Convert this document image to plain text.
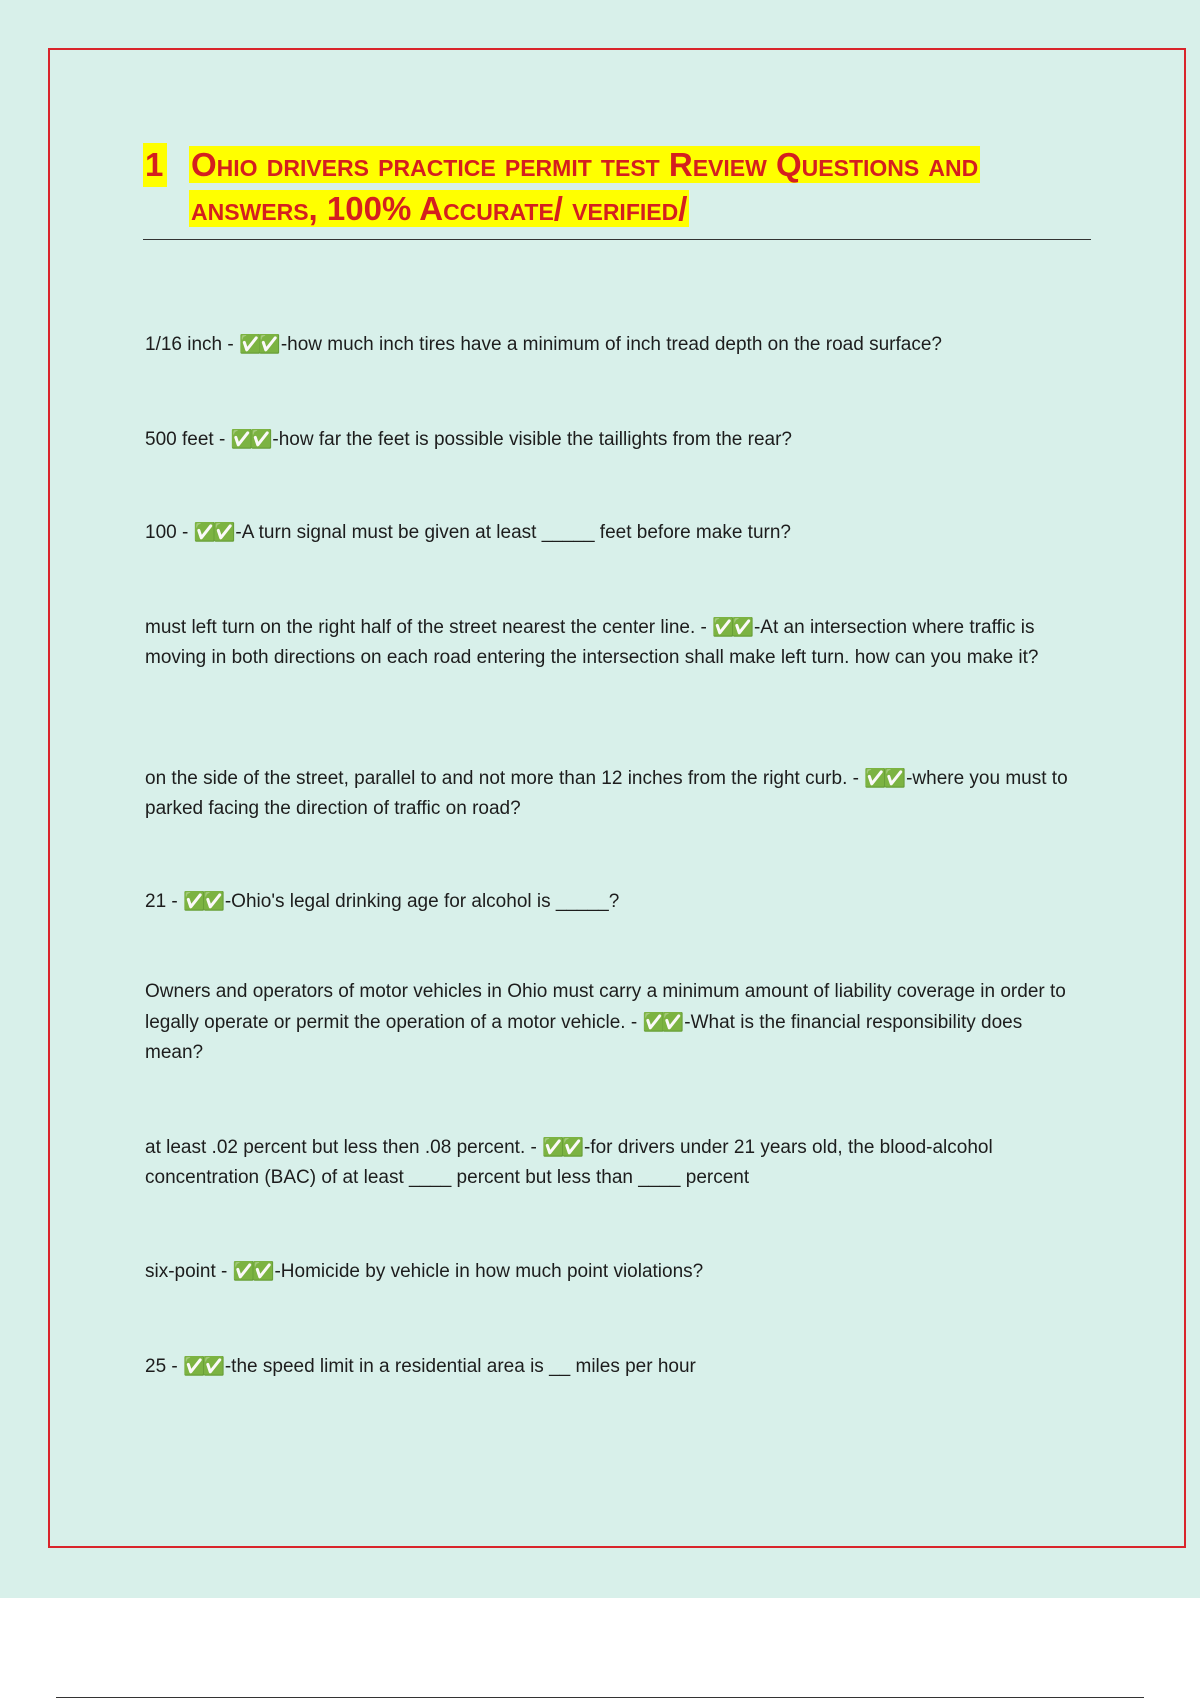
1 Ohio drivers practice permit test Review Questions and answers, 100% Accurate/ verified/
1/16 inch - ✅✅ -how much inch tires have a minimum of inch tread depth on the road surface?
500 feet - ✅✅ -how far the feet is possible visible the taillights from the rear?
100 - ✅✅ -A turn signal must be given at least _____ feet before make turn?
must left turn on the right half of the street nearest the center line. - ✅✅ -At an intersection where traffic is moving in both directions on each road entering the intersection shall make left turn. how can you make it?
on the side of the street, parallel to and not more than 12 inches from the right curb. - ✅✅ -where you must to parked facing the direction of traffic on road?
21 - ✅✅ -Ohio's legal drinking age for alcohol is _____?
Owners and operators of motor vehicles in Ohio must carry a minimum amount of liability coverage in order to legally operate or permit the operation of a motor vehicle. - ✅✅ -What is the financial responsibility does mean?
at least .02 percent but less then .08 percent. - ✅✅ -for drivers under 21 years old, the blood-alcohol concentration (BAC) of at least ____ percent but less than ____ percent
six-point - ✅✅ -Homicide by vehicle in how much point violations?
25 - ✅✅ -the speed limit in a residential area is __ miles per hour
